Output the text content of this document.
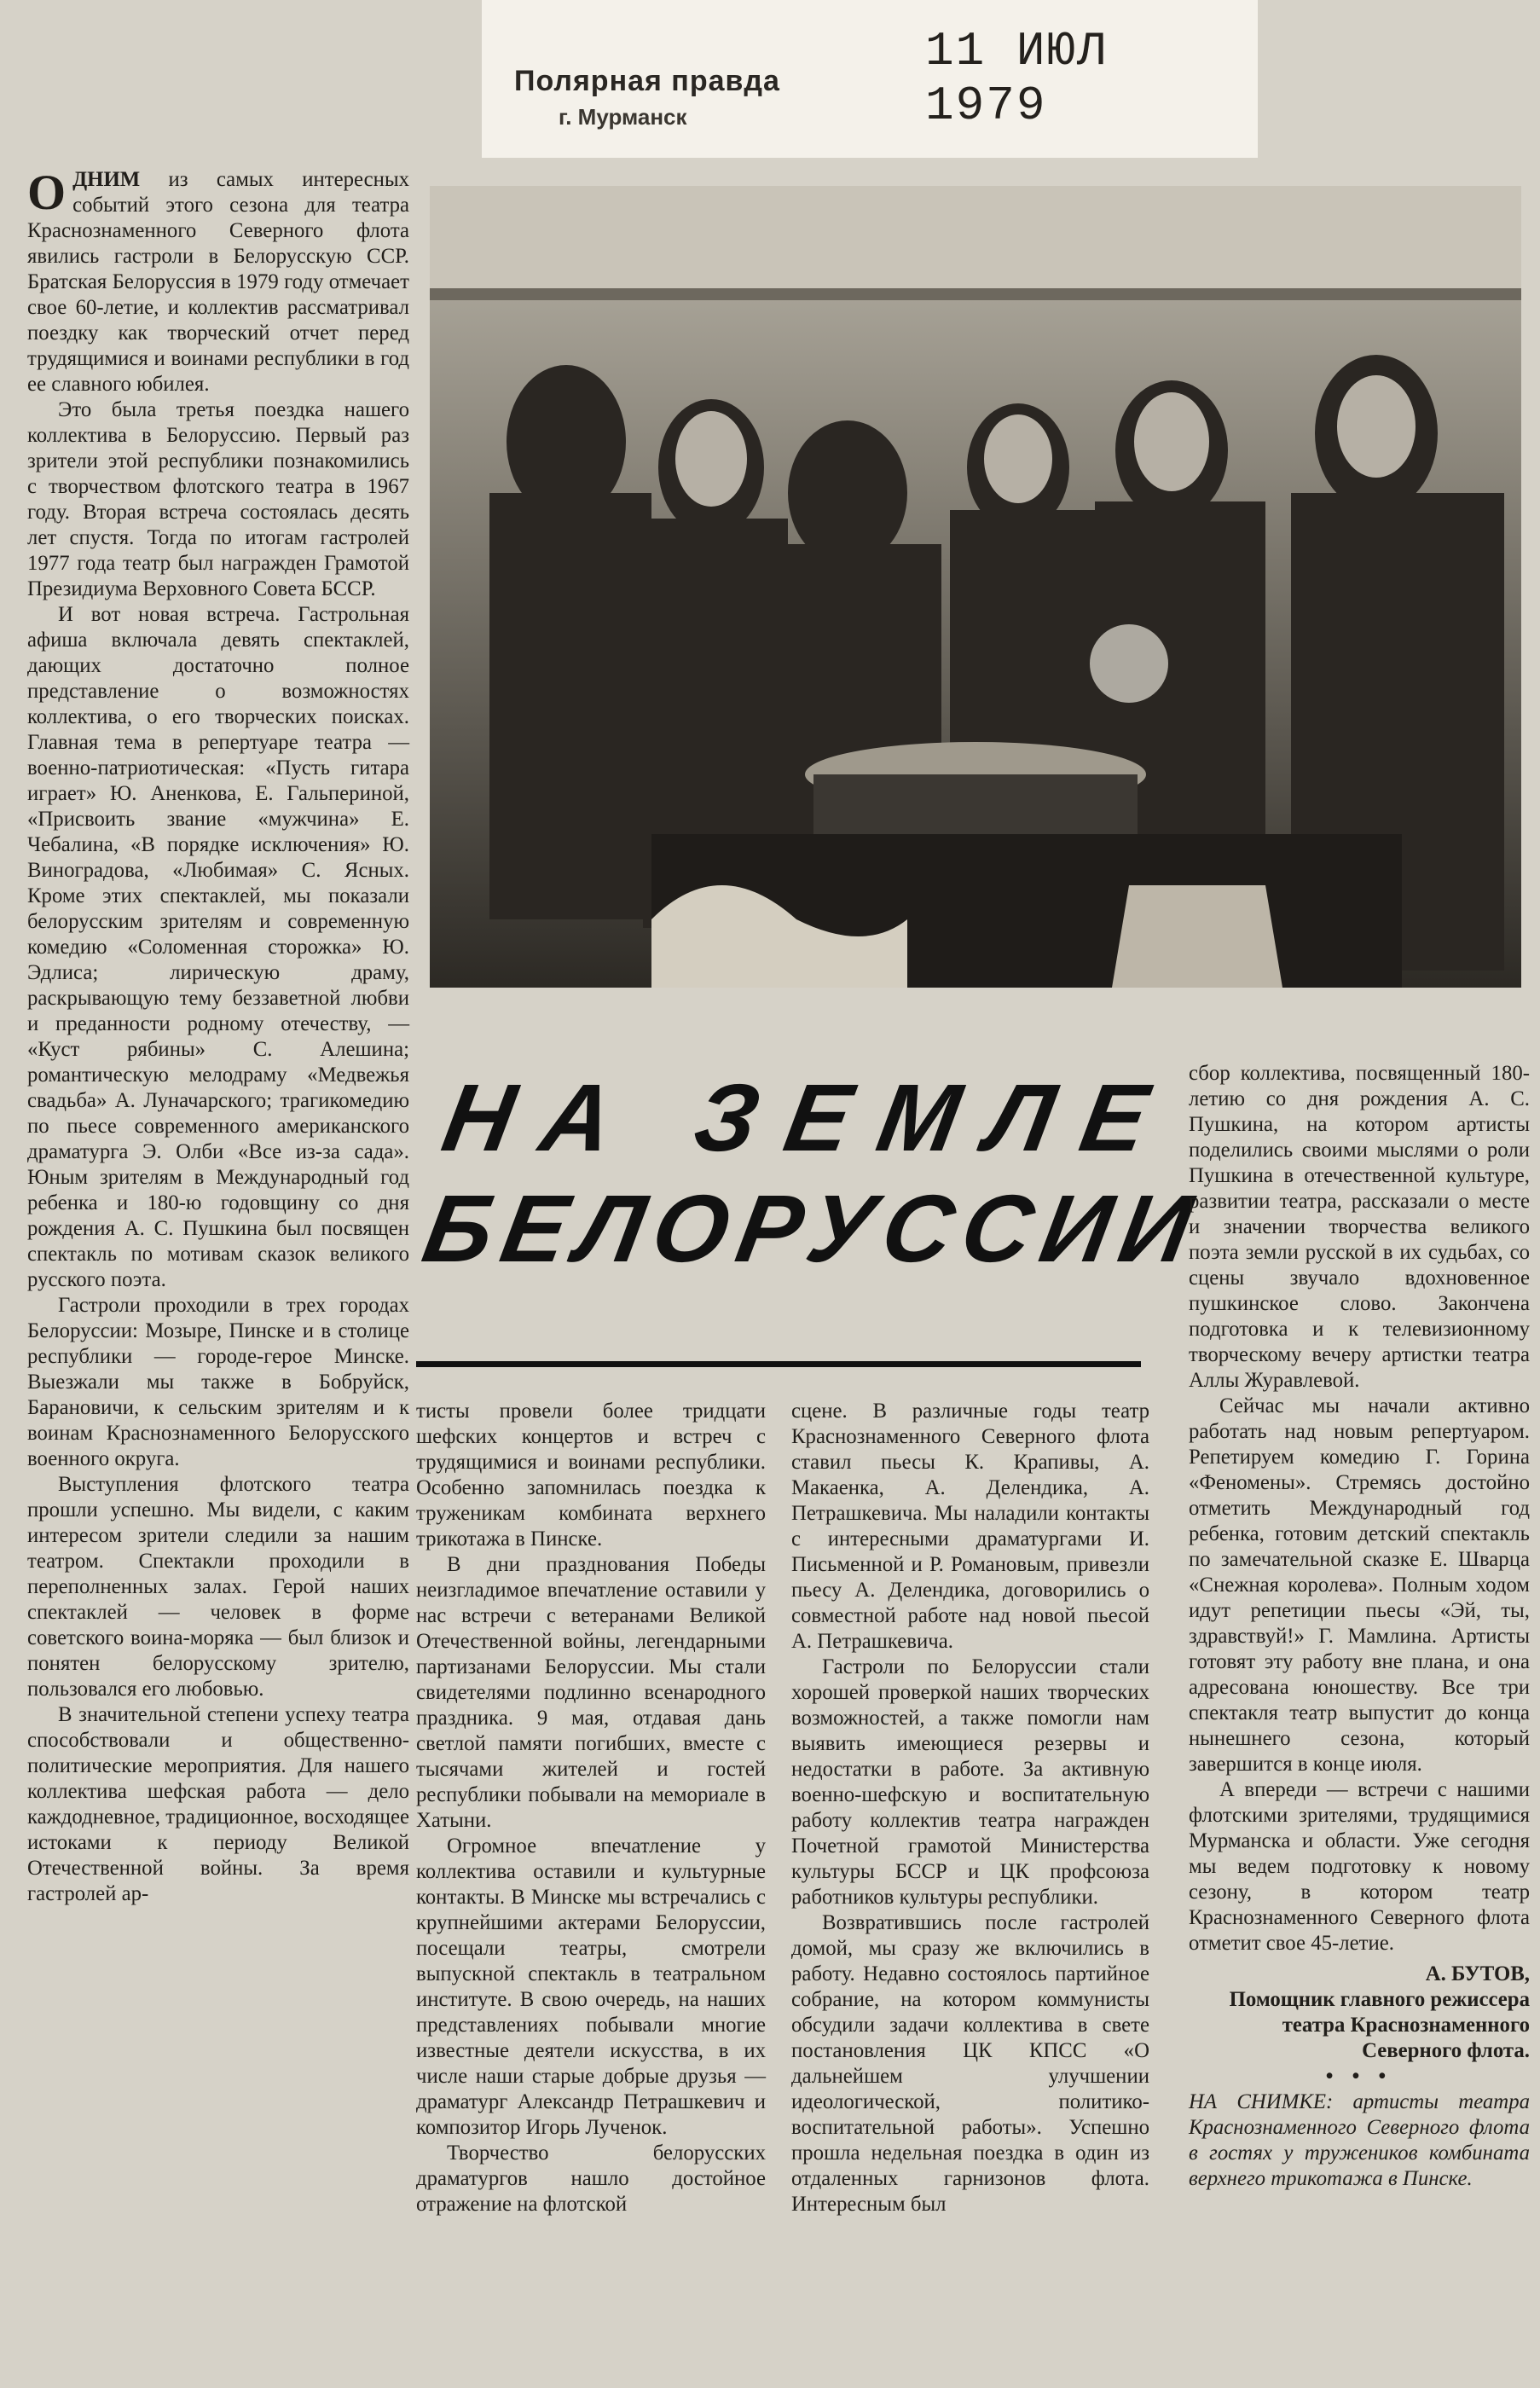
Полярная правда
г. Мурманск
11 ИЮЛ 1979

ОДНИМ из самых интересных событий этого сезона для театра Краснознаменного Северного флота явились гастроли в Белорусскую ССР. Братская Белоруссия в 1979 году отмечает свое 60-летие, и коллектив рассматривал поездку как творческий отчет перед трудящимися и воинами республики в год ее славного юбилея.

Это была третья поездка нашего коллектива в Белоруссию. Первый раз зрители этой республики познакомились с творчеством флотского театра в 1967 году. Вторая встреча состоялась десять лет спустя. Тогда по итогам гастролей 1977 года театр был награжден Грамотой Президиума Верховного Совета БССР.

И вот новая встреча. Гастрольная афиша включала девять спектаклей, дающих достаточно полное представление о возможностях коллектива, о его творческих поисках. Главная тема в репертуаре театра — военно-патриотическая: «Пусть гитара играет» Ю. Аненкова, Е. Гальпериной, «Присвоить звание «мужчина» Е. Чебалина, «В порядке исключения» Ю. Виноградова, «Любимая» С. Ясных. Кроме этих спектаклей, мы показали белорусским зрителям и современную комедию «Соломенная сторожка» Ю. Эдлиса; лирическую драму, раскрывающую тему беззаветной любви и преданности родному отечеству, — «Куст рябины» С. Алешина; романтическую мелодраму «Медвежья свадьба» А. Луначарского; трагикомедию по пьесе современного американского драматурга Э. Олби «Все из-за сада». Юным зрителям в Международный год ребенка и 180-ю годовщину со дня рождения А. С. Пушкина был посвящен спектакль по мотивам сказок великого русского поэта.

Гастроли проходили в трех городах Белоруссии: Мозыре, Пинске и в столице республики — городе-герое Минске. Выезжали мы также в Бобруйск, Барановичи, к сельским зрителям и к воинам Краснознаменного Белорусского военного округа.

Выступления флотского театра прошли успешно. Мы видели, с каким интересом зрители следили за нашим театром. Спектакли проходили в переполненных залах. Герой наших спектаклей — человек в форме советского воина-моряка — был близок и понятен белорусскому зрителю, пользовался его любовью.

В значительной степени успеху театра способствовали и общественно-политические мероприятия. Для нашего коллектива шефская работа — дело каждодневное, традиционное, восходящее истоками к периоду Великой Отечественной войны. За время гастролей ар-

НА ЗЕМЛЕ
БЕЛОРУССИИ

тисты провели более тридцати шефских концертов и встреч с трудящимися и воинами республики. Особенно запомнилась поездка к труженикам комбината верхнего трикотажа в Пинске.

В дни празднования Победы неизгладимое впечатление оставили у нас встречи с ветеранами Великой Отечественной войны, легендарными партизанами Белоруссии. Мы стали свидетелями подлинно всенародного праздника. 9 мая, отдавая дань светлой памяти погибших, вместе с тысячами жителей и гостей республики побывали на мемориале в Хатыни.

Огромное впечатление у коллектива оставили и культурные контакты. В Минске мы встречались с крупнейшими актерами Белоруссии, посещали театры, смотрели выпускной спектакль в театральном институте. В свою очередь, на наших представлениях побывали многие известные деятели искусства, в их числе наши старые добрые друзья — драматург Александр Петрашкевич и композитор Игорь Лученок.

Творчество белорусских драматургов нашло достойное отражение на флотской

сцене. В различные годы театр Краснознаменного Северного флота ставил пьесы К. Крапивы, А. Макаенка, А. Делендика, А. Петрашкевича. Мы наладили контакты с интересными драматургами И. Письменной и Р. Романовым, привезли пьесу А. Делендика, договорились о совместной работе над новой пьесой А. Петрашкевича.

Гастроли по Белоруссии стали хорошей проверкой наших творческих возможностей, а также помогли нам выявить имеющиеся резервы и недостатки в работе. За активную военно-шефскую и воспитательную работу коллектив театра награжден Почетной грамотой Министерства культуры БССР и ЦК профсоюза работников культуры республики.

Возвратившись после гастролей домой, мы сразу же включились в работу. Недавно состоялось партийное собрание, на котором коммунисты обсудили задачи коллектива в свете постановления ЦК КПСС «О дальнейшем улучшении идеологической, политико-воспитательной работы». Успешно прошла недельная поездка в один из отдаленных гарнизонов флота. Интересным был

сбор коллектива, посвященный 180-летию со дня рождения А. С. Пушкина, на котором артисты поделились своими мыслями о роли Пушкина в отечественной культуре, развитии театра, рассказали о месте и значении творчества великого поэта земли русской в их судьбах, со сцены звучало вдохновенное пушкинское слово. Закончена подготовка и к телевизионному творческому вечеру артистки театра Аллы Журавлевой.

Сейчас мы начали активно работать над новым репертуаром. Репетируем комедию Г. Горина «Феномены». Стремясь достойно отметить Международный год ребенка, готовим детский спектакль по замечательной сказке Е. Шварца «Снежная королева». Полным ходом идут репетиции пьесы «Эй, ты, здравствуй!» Г. Мамлина. Артисты готовят эту работу вне плана, и она адресована юношеству. Все три спектакля театр выпустит до конца нынешнего сезона, который завершится в конце июля.

А впереди — встречи с нашими флотскими зрителями, трудящимися Мурманска и области. Уже сегодня мы ведем подготовку к новому сезону, в котором театр Краснознаменного Северного флота отметит свое 45-летие.

А. БУТОВ,

Помощник главного режиссера театра Краснознаменного Северного флота.

• • •

НА СНИМКЕ: артисты театра Краснознаменного Северного флота в гостях у тружеников комбината верхнего трикотажа в Пинске.
